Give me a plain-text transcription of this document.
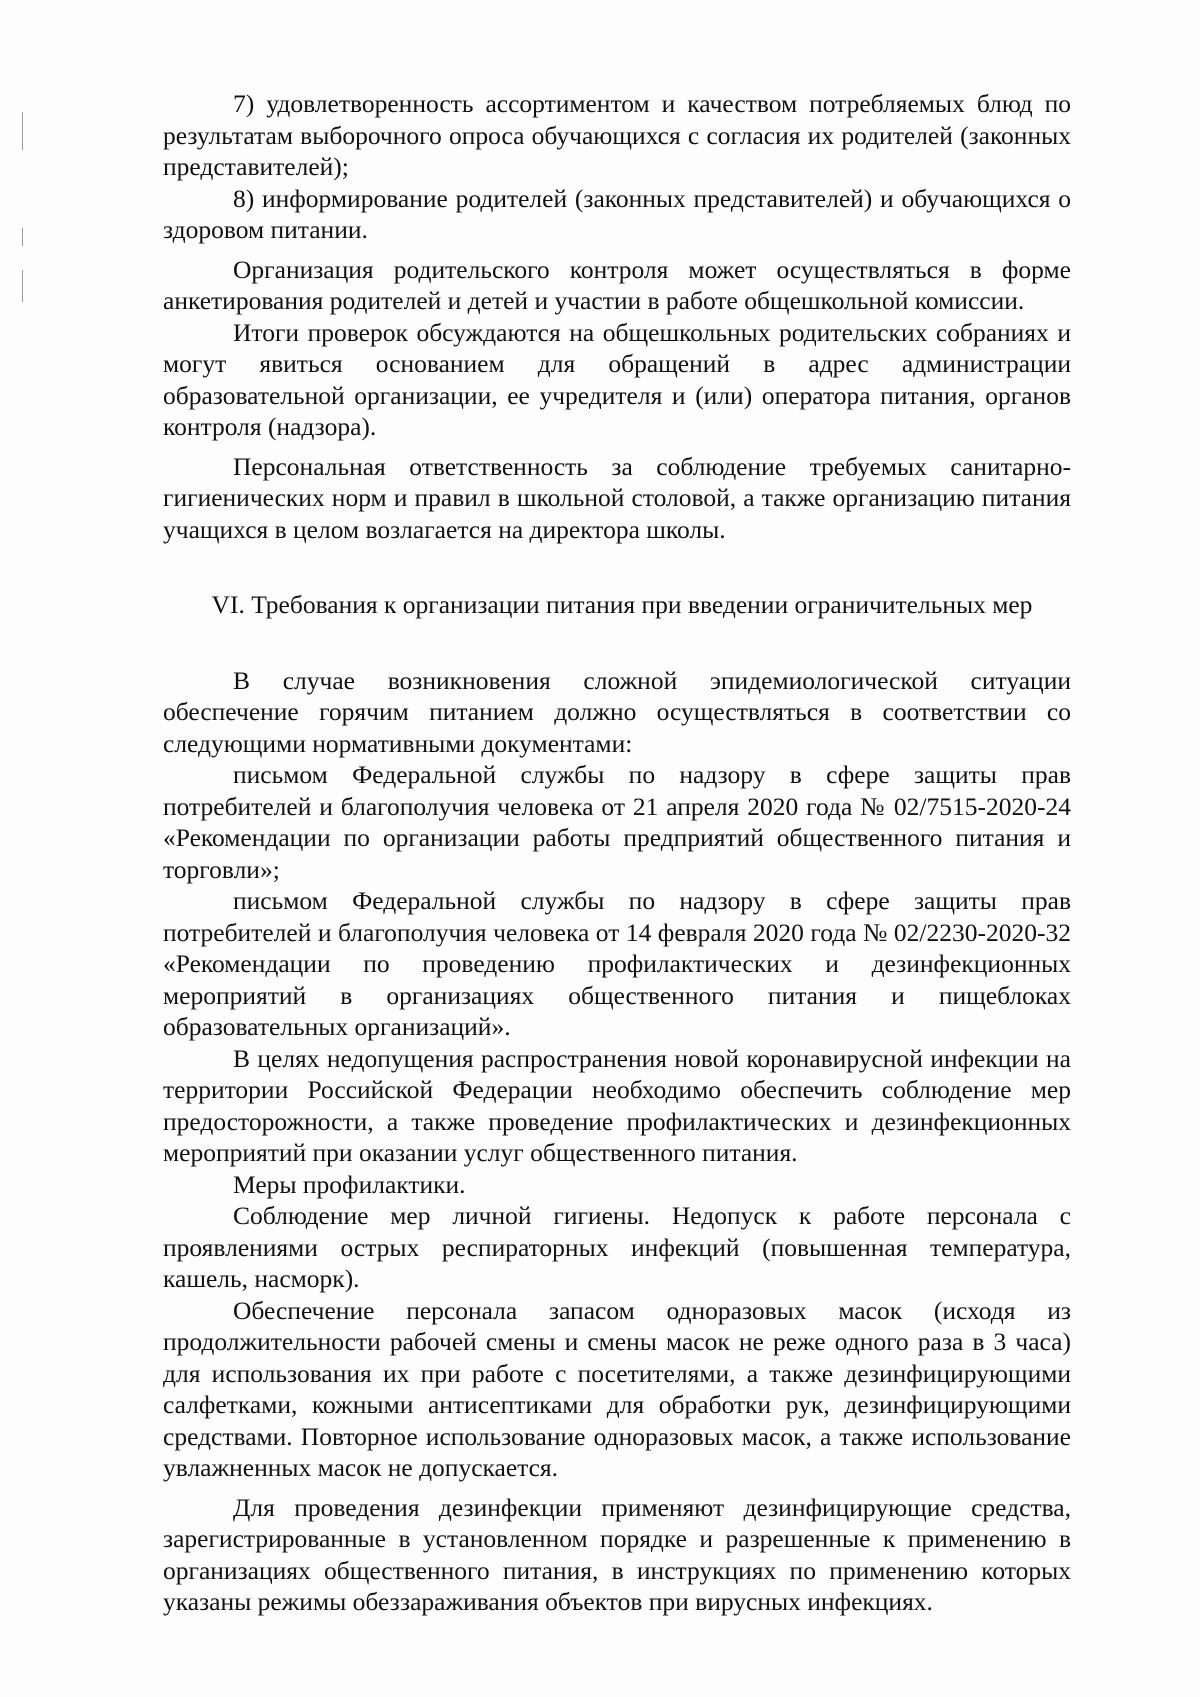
7) удовлетворенность ассортиментом и качеством потребляемых блюд по результатам выборочного опроса обучающихся с согласия их родителей (законных представителей);

8) информирование родителей (законных представителей) и обучающихся о здоровом питании.

Организация родительского контроля может осуществляться в форме анкетирования родителей и детей и участии в работе общешкольной комиссии.

Итоги проверок обсуждаются на общешкольных родительских собраниях и могут явиться основанием для обращений в адрес администрации образовательной организации, ее учредителя и (или) оператора питания, органов контроля (надзора).

Персональная ответственность за соблюдение требуемых санитарно-гигиенических норм и правил в школьной столовой, а также организацию питания учащихся в целом возлагается на директора школы.

VI. Требования к организации питания при введении ограничительных мер

В случае возникновения сложной эпидемиологической ситуации обеспечение горячим питанием должно осуществляться в соответствии со следующими нормативными документами:

письмом Федеральной службы по надзору в сфере защиты прав потребителей и благополучия человека от 21 апреля 2020 года № 02/7515-2020-24 «Рекомендации по организации работы предприятий общественного питания и торговли»;

письмом Федеральной службы по надзору в сфере защиты прав потребителей и благополучия человека от 14 февраля 2020 года № 02/2230-2020-32 «Рекомендации по проведению профилактических и дезинфекционных мероприятий в организациях общественного питания и пищеблоках образовательных организаций».

В целях недопущения распространения новой коронавирусной инфекции на территории Российской Федерации необходимо обеспечить соблюдение мер предосторожности, а также проведение профилактических и дезинфекционных мероприятий при оказании услуг общественного питания.

Меры профилактики.

Соблюдение мер личной гигиены. Недопуск к работе персонала с проявлениями острых респираторных инфекций (повышенная температура, кашель, насморк).

Обеспечение персонала запасом одноразовых масок (исходя из продолжительности рабочей смены и смены масок не реже одного раза в 3 часа) для использования их при работе с посетителями, а также дезинфицирующими салфетками, кожными антисептиками для обработки рук, дезинфицирующими средствами. Повторное использование одноразовых масок, а также использование увлажненных масок не допускается.

Для проведения дезинфекции применяют дезинфицирующие средства, зарегистрированные в установленном порядке и разрешенные к применению в организациях общественного питания, в инструкциях по применению которых указаны режимы обеззараживания объектов при вирусных инфекциях.
